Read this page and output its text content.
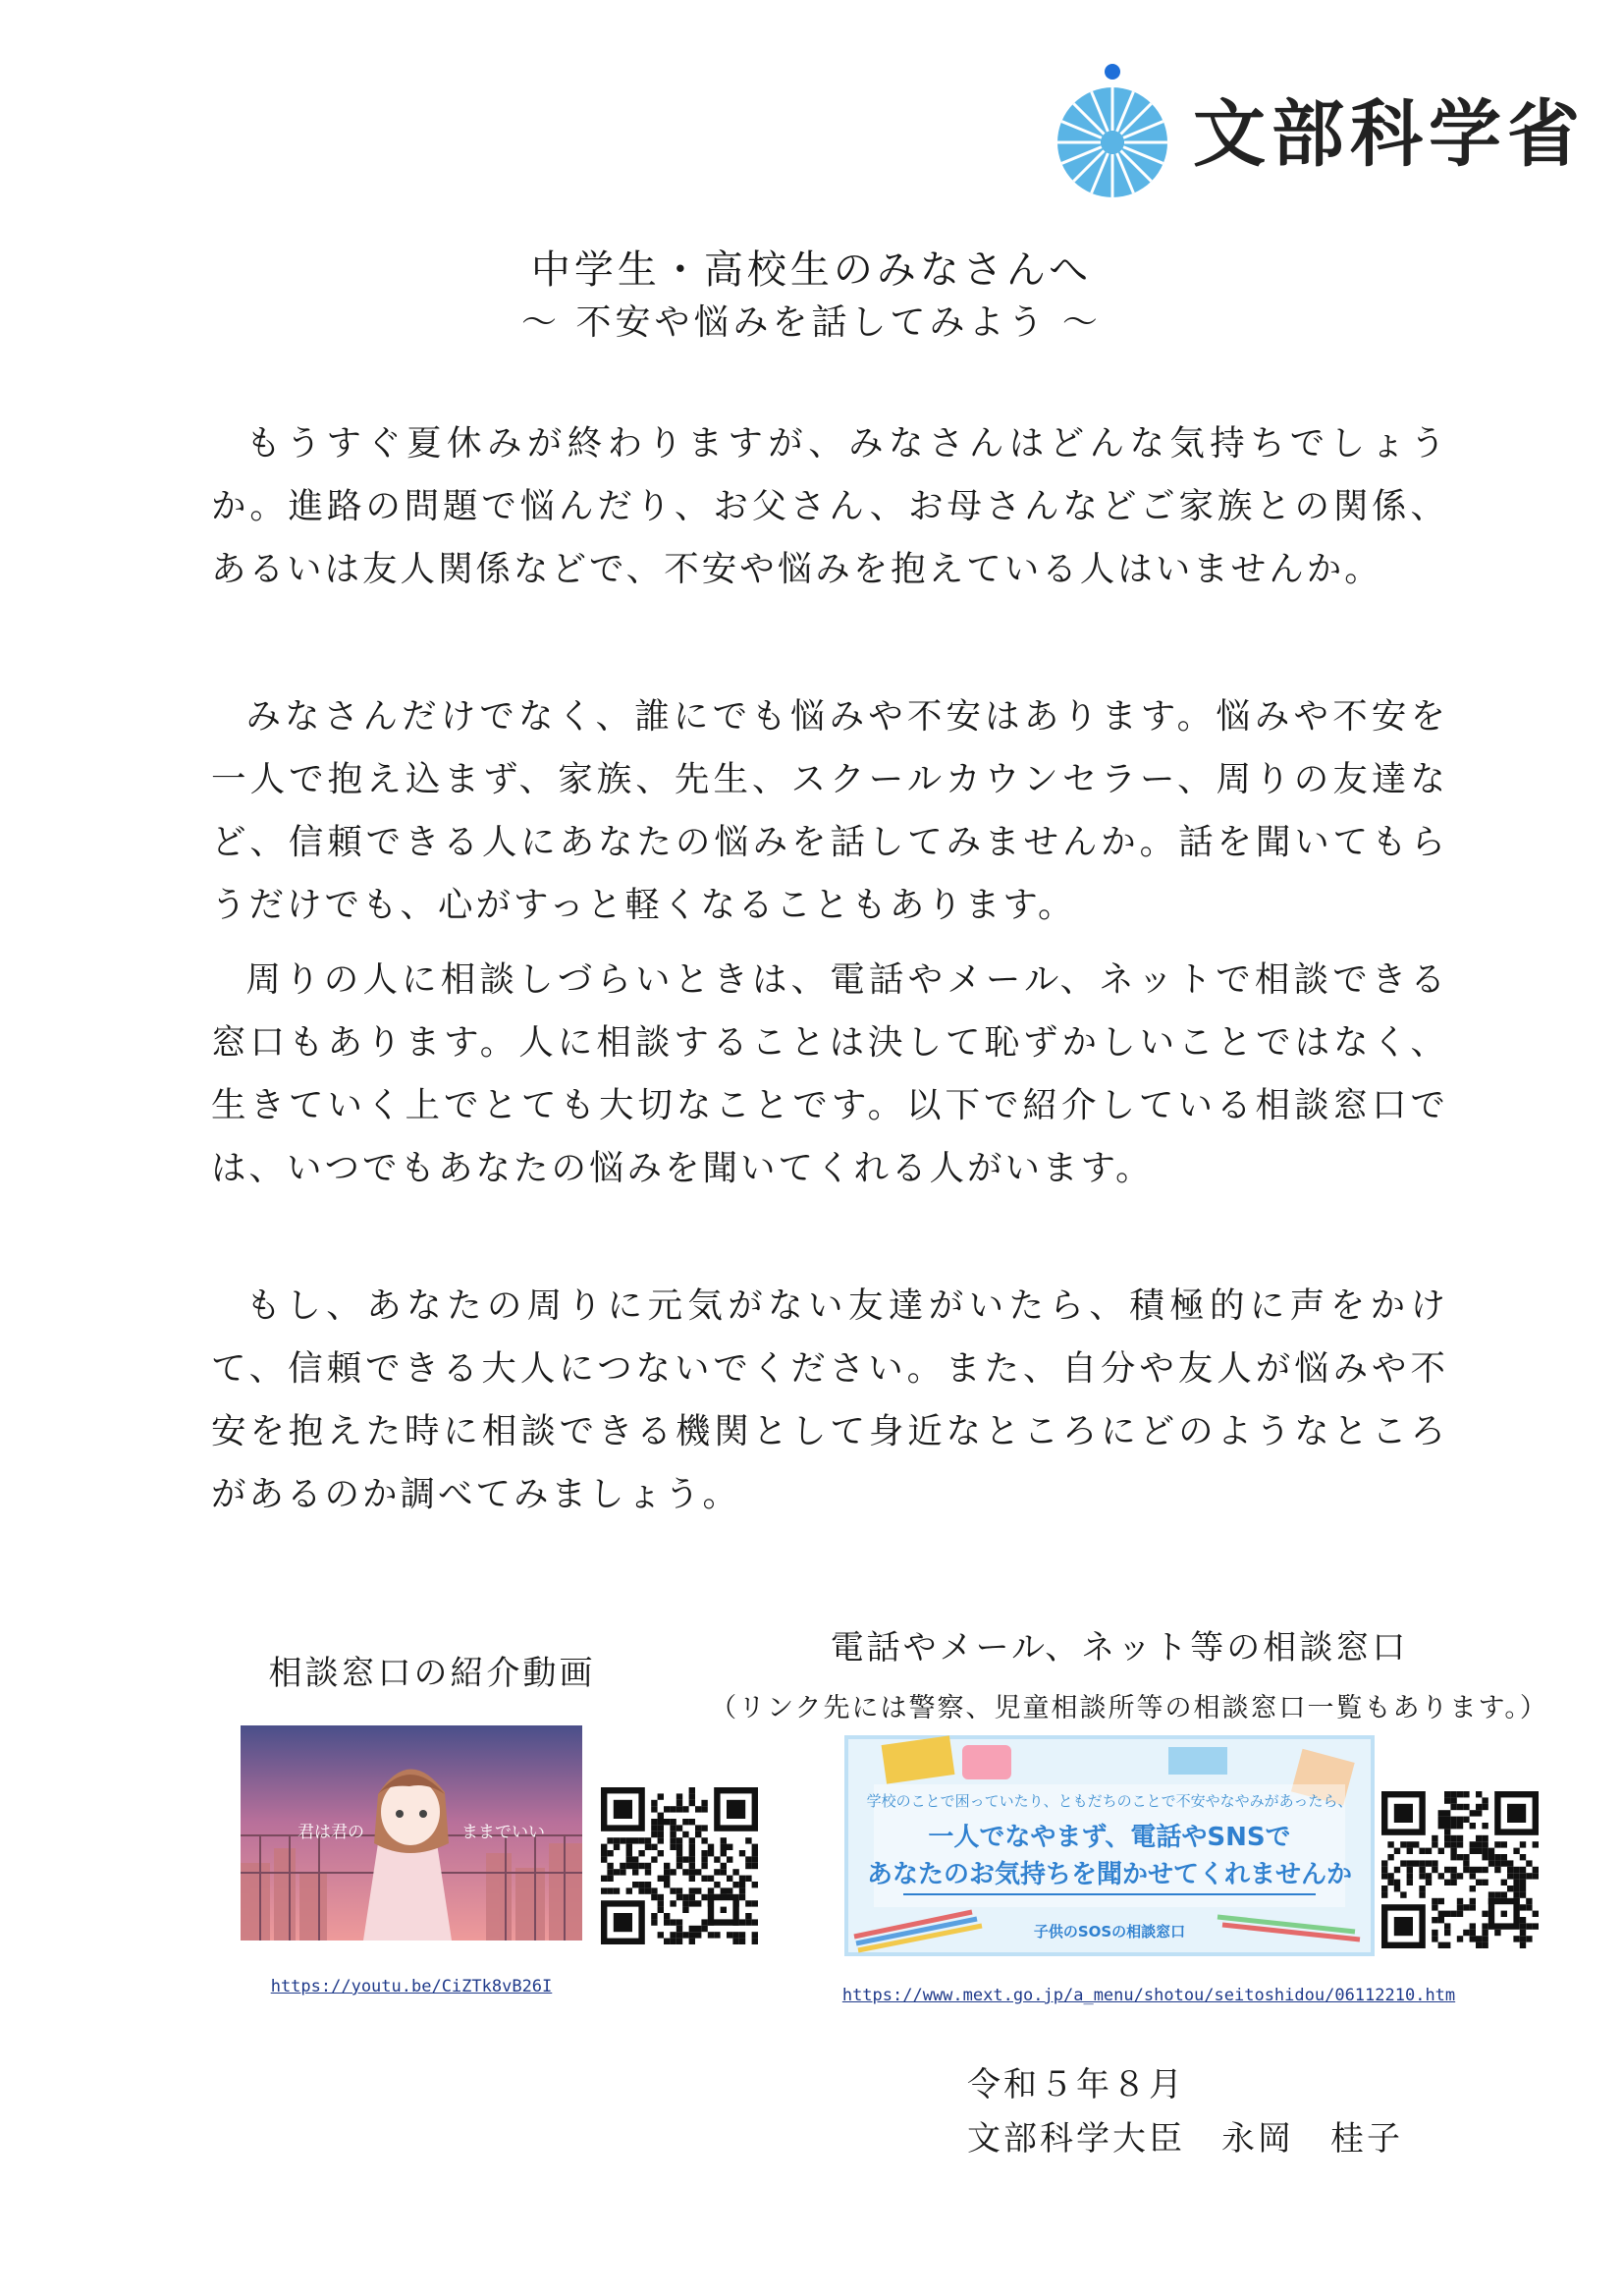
文部科学省
中学生・高校生のみなさんへ
～ 不安や悩みを話してみよう ～

もうすぐ夏休みが終わりますが、みなさんはどんな気持ちでしょうか。進路の問題で悩んだり、お父さん、お母さんなどご家族との関係、あるいは友人関係などで、不安や悩みを抱えている人はいませんか。

みなさんだけでなく、誰にでも悩みや不安はあります。悩みや不安を一人で抱え込まず、家族、先生、スクールカウンセラー、周りの友達など、信頼できる人にあなたの悩みを話してみませんか。話を聞いてもらうだけでも、心がすっと軽くなることもあります。

周りの人に相談しづらいときは、電話やメール、ネットで相談できる窓口もあります。人に相談することは決して恥ずかしいことではなく、生きていく上でとても大切なことです。以下で紹介している相談窓口では、いつでもあなたの悩みを聞いてくれる人がいます。

もし、あなたの周りに元気がない友達がいたら、積極的に声をかけて、信頼できる大人につないでください。また、自分や友人が悩みや不安を抱えた時に相談できる機関として身近なところにどのようなところがあるのか調べてみましょう。

相談窓口の紹介動画
君は君の	ままでいい
https://youtu.be/CiZTk8vB26I
電話やメール、ネット等の相談窓口
（リンク先には警察、児童相談所等の相談窓口一覧もあります。）
学校のことで困っていたり、ともだちのことで不安やなやみがあったら、
一人でなやまず、電話やSNSで
あなたのお気持ちを聞かせてくれませんか
子供のSOSの相談窓口
https://www.mext.go.jp/a_menu/shotou/seitoshidou/06112210.htm
令和５年８月
文部科学大臣　永岡　桂子
